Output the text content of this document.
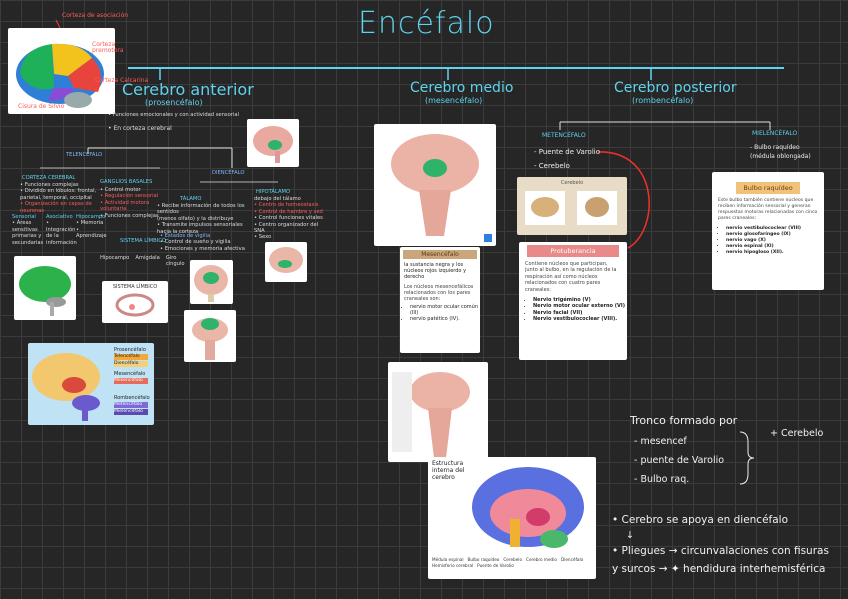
Encéfalo
Corteza de asociación
Corteza premotora
Corteza Calcarina
Cisura de Silvio
Cerebro anterior
(prosencéfalo)
• Funciones emocionales y con actividad sensorial
• En corteza cerebral
TELENCÉFALO
DIENCÉFALO
CORTEZA CEREBRAL
• Funciones complejas
• Dividido en lóbulos: frontal, parietal, temporal, occipital
• Organización en capas de neuronas
GANGLIOS BASALES
• Control motor
• Regulación sensorial
• Actividad motora voluntaria
• Funciones complejas
TÁLAMO
• Recibe información de todos los sentidos
(menos olfato) y la distribuye
• Transmite impulsos sensoriales
hacia la corteza
• Estados de vigilia
• Control de sueño y vigilia
• Emociones y memoria afectiva
HIPOTÁLAMO
debajo del tálamo
• Centro de homeostasis
• Control de hambre y sed
• Control funciones vitales
• Centro organizador del SNA
• Sexo
Sensorial
• Áreas sensitivas
primarias y secundarias
Asociativo
• Integración
de la información
Hipocampo
• Memoria
• Aprendizaje
SISTEMA LÍMBICO
Hipocampo Amígdala Giro cíngulo
SISTEMA LÍMBICO
Prosencéfalo
Telencéfalo
Diencéfalo
Mesencéfalo
Mesencéfalo
Rombencéfalo
Metencéfalo
Mielencéfalo
Cerebro medio
(mesencéfalo)
Mesencéfalo
la sustancia negra y los núcleos rojos izquierdo y derecho
Los núcleos mesencefálicos relacionados con los pares craneales son:
• nervio motor ocular común (III)
• nervio patético (IV).
Estructura interna del cerebro
Médula espinal Bulbo raquídeo Cerebelo Cerebro medio Diencéfalo
Hemisferio cerebral Puente de Varolio
Cerebro posterior
(rombencéfalo)
METENCÉFALO
- Puente de Varolio
- Cerebelo
MIELENCÉFALO
- Bulbo raquídeo
(médula oblongada)
Cerebelo
Protuberancia
Contiene núcleos que participan, junto al bulbo, en la regulación de la respiración así como núcleos relacionados con cuatro pares craneales:
• Nervio trigémino (V)
• Nervio motor ocular externo (VI)
• Nervio facial (VII)
• Nervio vestibulococlear (VIII).
Bulbo raquídeo
Este bulbo también contiene núcleos que reciben información sensorial y generan respuestas motoras relacionadas con cinco pares craneales:
• nervio vestibulococlear (VIII)
• nervio glosofaríngeo (IX)
• nervio vago (X)
• nervio espinal (XI)
• nervio hipogloso (XII).
Tronco formado por
- mesencef
- puente de Varolio
- Bulbo raq.
+ Cerebelo
• Cerebro se apoya en diencéfalo
↓
• Pliegues → circunvalaciones con fisuras
y surcos → ✦ hendidura interhemisférica
